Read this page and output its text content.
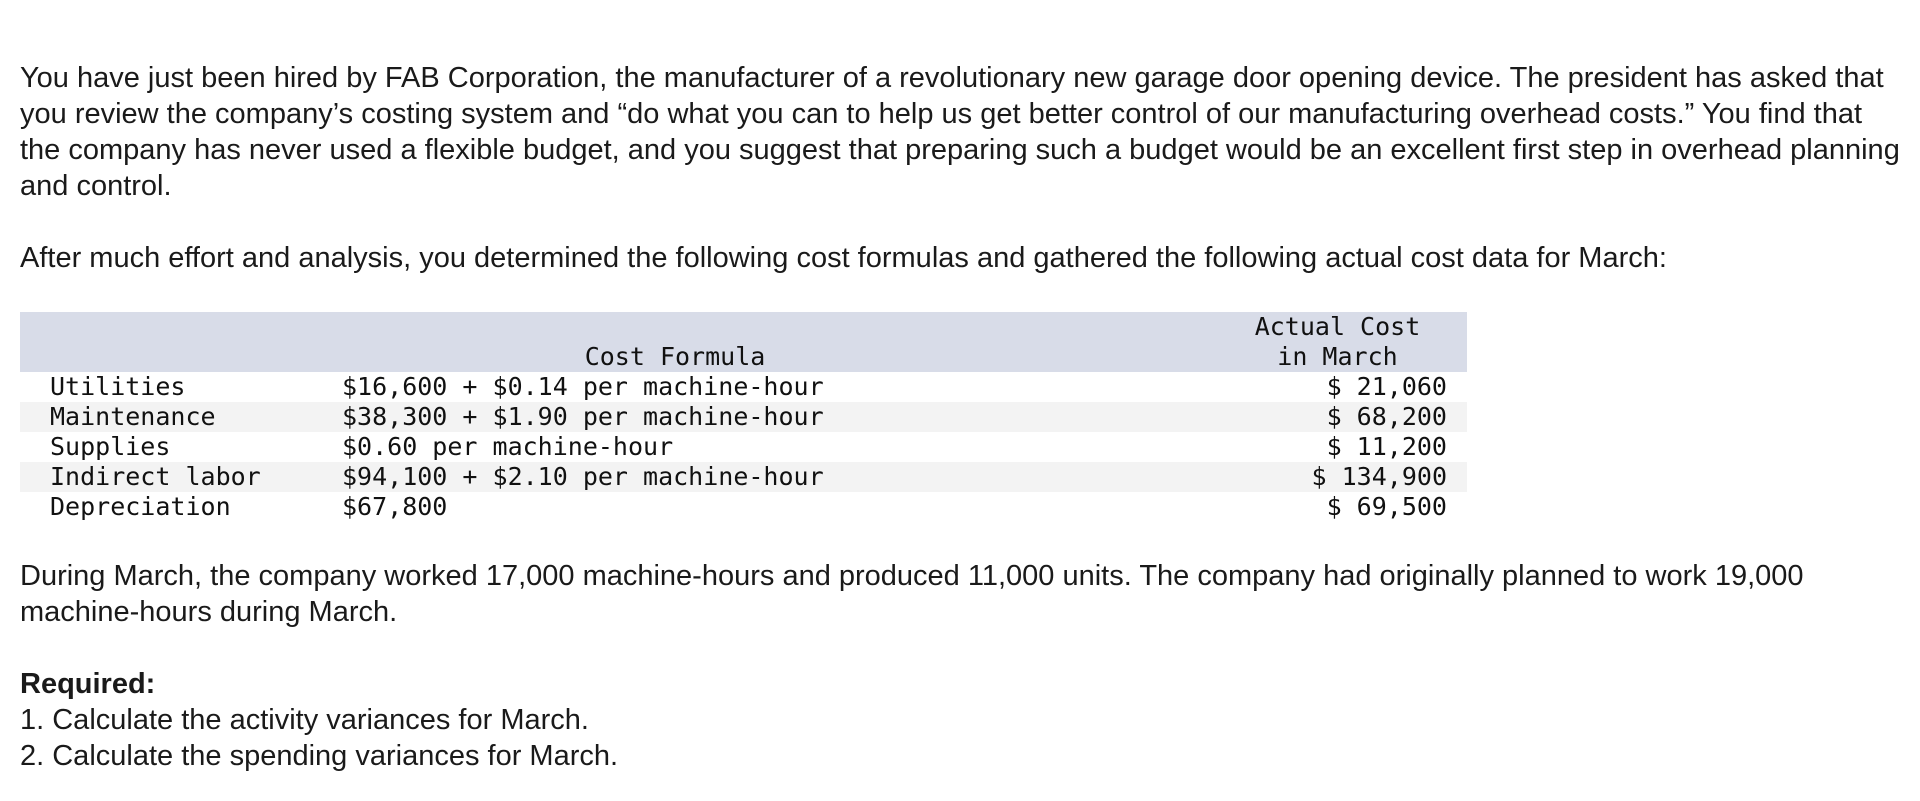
You have just been hired by FAB Corporation, the manufacturer of a revolutionary new garage door opening device. The president has asked that you review the company’s costing system and “do what you can to help us get better control of our manufacturing overhead costs.” You find that the company has never used a flexible budget, and you suggest that preparing such a budget would be an excellent first step in overhead planning and control.

After much effort and analysis, you determined the following cost formulas and gathered the following actual cost data for March:

	Cost Formula	Actual Cost
in March
Utilities	$16,600 + $0.14 per machine-hour	$ 21,060
Maintenance	$38,300 + $1.90 per machine-hour	$ 68,200
Supplies	$0.60 per machine-hour	$ 11,200
Indirect labor	$94,100 + $2.10 per machine-hour	$ 134,900
Depreciation	$67,800	$ 69,500

During March, the company worked 17,000 machine-hours and produced 11,000 units. The company had originally planned to work 19,000 machine-hours during March.

Required:

1. Calculate the activity variances for March.

2. Calculate the spending variances for March.
